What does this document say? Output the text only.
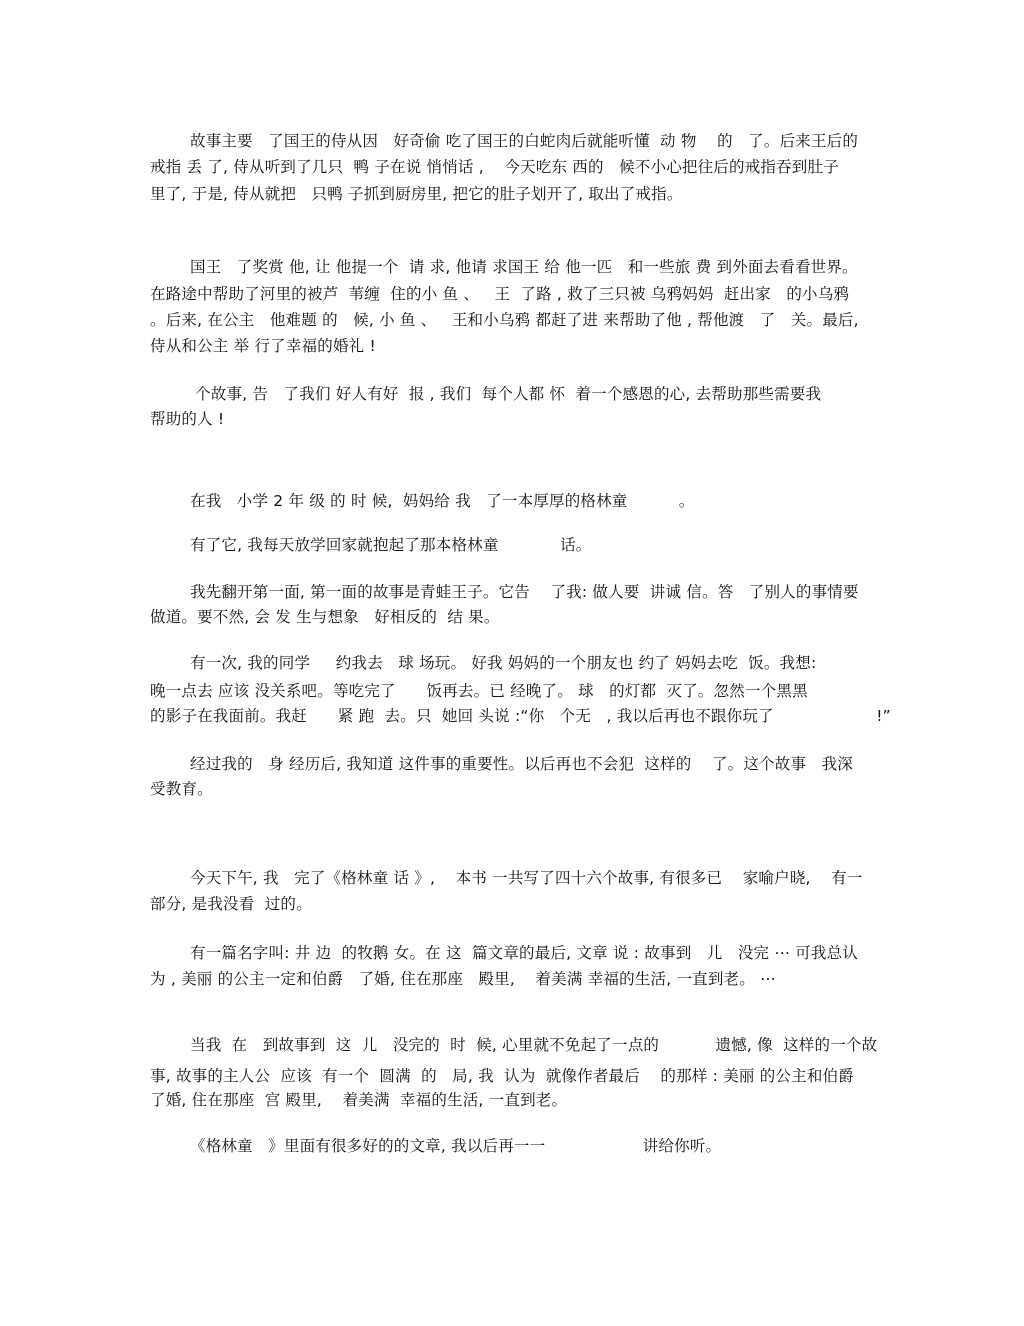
故事主要   了国王的侍从因   好奇偷 吃了国王的白蛇肉后就能听懂  动 物    的   了。后来王后的

戒指 丢 了, 侍从听到了几只  鸭 子在说 悄悄话 ,    今天吃东 西的   候不小心把往后的戒指吞到肚子

里了, 于是, 侍从就把   只鸭 子抓到厨房里, 把它的肚子划开了, 取出了戒指。

国王   了奖赏 他, 让 他提一个  请 求, 他请 求国王 给 他一匹   和一些旅 费 到外面去看看世界。

在路途中帮助了河里的被芦  苇缠  住的小 鱼 、   王  了路 , 救了三只被 乌鸦妈妈  赶出家   的小乌鸦

。后来, 在公主   他难题 的   候, 小 鱼 、   王和小乌鸦 都赶了进 来帮助了他 , 帮他渡   了   关。最后,

侍从和公主 举 行了幸福的婚礼 !

个故事, 告   了我们 好人有好  报 , 我们  每个人都 怀  着一个感恩的心, 去帮助那些需要我

帮助的人 !

在我   小学 2 年 级 的 时 候,  妈妈给 我   了一本厚厚的格林童          。

有了它, 我每天放学回家就抱起了那本格林童            话。

我先翻开第一面, 第一面的故事是青蛙王子。它告    了我: 做人要  讲诚 信。答   了别人的事情要

做道。要不然, 会 发 生与想象   好相反的  结 果。

有一次, 我的同学     约我去   球 场玩。 好我 妈妈的一个朋友也 约了 妈妈去吃  饭。我想:

晚一点去 应该 没关系吧。等吃完了      饭再去。已 经晚了。 球   的灯都  灭了。忽然一个黑黑

的影子在我面前。我赶      紧 跑  去。只  她回 头说 :“你   个无   , 我以后再也不跟你玩了                    !”

经过我的   身 经历后, 我知道 这件事的重要性。以后再也不会犯  这样的    了。这个故事   我深

受教育。

今天下午, 我   完了《格林童 话 》,    本书 一共写了四十六个故事, 有很多已    家喻户晓,    有一

部分, 是我没看  过的。

有一篇名字叫: 井 边  的牧鹅 女。在 这  篇文章的最后, 文章 说 : 故事到   儿   没完 ⋯ 可我总认

为 , 美丽 的公主一定和伯爵   了婚, 住在那座   殿里,    着美满 幸福的生活, 一直到老。 ⋯

当我  在   到故事到  这  儿   没完的  时  候, 心里就不免起了一点的           遗憾, 像  这样的一个故

事, 故事的主人公  应该  有一个  圆满  的   局, 我  认为  就像作者最后    的那样 : 美丽 的公主和伯爵

了婚, 住在那座  宫 殿里,    着美满  幸福的生活, 一直到老。

《格林童   》里面有很多好的的文章, 我以后再一一                   讲给你听。
